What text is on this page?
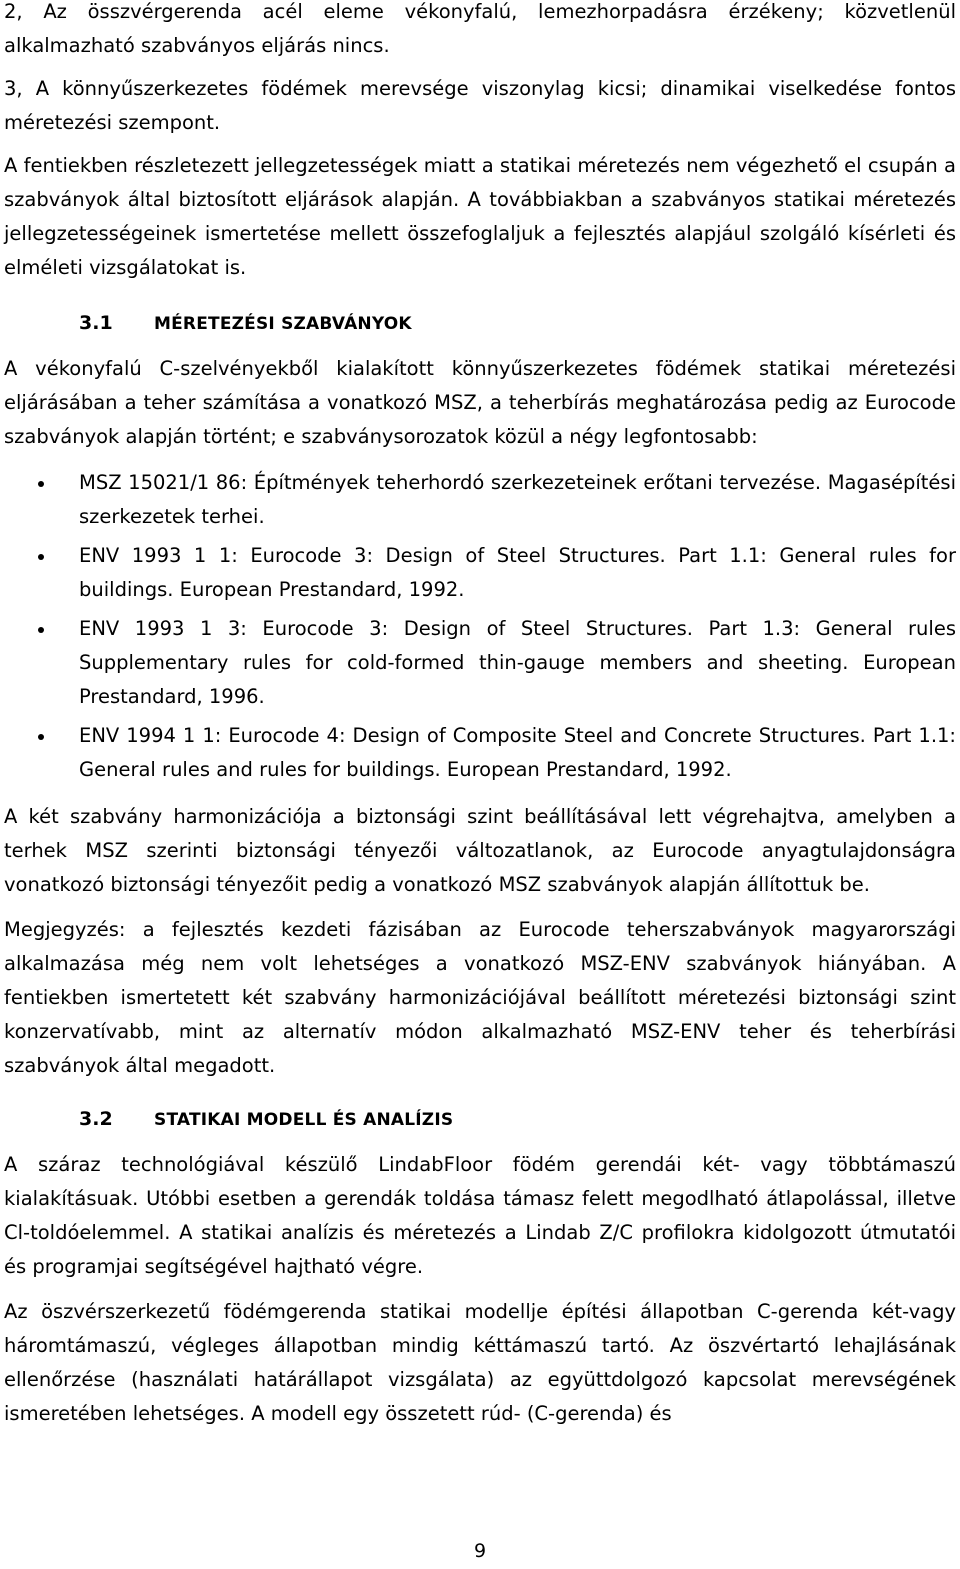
2, Az összvérgerenda acél eleme vékonyfalú, lemezhorpadásra érzékeny; közvetlenül alkalmazható szabványos eljárás nincs.

3, A könnyűszerkezetes födémek merevsége viszonylag kicsi; dinamikai viselkedése fontos méretezési szempont.

A fentiekben részletezett jellegzetességek miatt a statikai méretezés nem végezhető el csupán a szabványok által biztosított eljárások alapján. A továbbiakban a szabványos statikai méretezés jellegzetességeinek ismertetése mellett összefoglaljuk a fejlesztés alapjául szolgáló kísérleti és elméleti vizsgálatokat is.

3.1	MÉRETEZÉSI SZABVÁNYOK

A vékonyfalú C-szelvényekből kialakított könnyűszerkezetes födémek statikai méretezési eljárásában a teher számítása a vonatkozó MSZ, a teherbírás meghatározása pedig az Eurocode szabványok alapján történt; e szabványsorozatok közül a négy legfontosabb:

MSZ 15021/1 86: Építmények teherhordó szerkezeteinek erőtani tervezése. Magasépítési szerkezetek terhei.
ENV 1993 1 1: Eurocode 3: Design of Steel Structures. Part 1.1: General rules for buildings. European Prestandard, 1992.
ENV 1993 1 3: Eurocode 3: Design of Steel Structures. Part 1.3: General rules Supplementary rules for cold-formed thin-gauge members and sheeting. European Prestandard, 1996.
ENV 1994 1 1: Eurocode 4: Design of Composite Steel and Concrete Structures. Part 1.1: General rules and rules for buildings. European Prestandard, 1992.

A két szabvány harmonizációja a biztonsági szint beállításával lett végrehajtva, amelyben a terhek MSZ szerinti biztonsági tényezői változatlanok, az Eurocode anyagtulajdonságra vonatkozó biztonsági tényezőit pedig a vonatkozó MSZ szabványok alapján állítottuk be.

Megjegyzés: a fejlesztés kezdeti fázisában az Eurocode teherszabványok magyarországi alkalmazása még nem volt lehetséges a vonatkozó MSZ-ENV szabványok hiányában. A fentiekben ismertetett két szabvány harmonizációjával beállított méretezési biztonsági szint konzervatívabb, mint az alternatív módon alkalmazható MSZ-ENV teher és teherbírási szabványok által megadott.

3.2	STATIKAI MODELL ÉS ANALÍZIS

A száraz technológiával készülő LindabFloor födém gerendái két- vagy többtámaszú kialakításuak. Utóbbi esetben a gerendák toldása támasz felett megodlható átlapolással, illetve Cl-toldóelemmel. A statikai analízis és méretezés a Lindab Z/C profilokra kidolgozott útmutatói és programjai segítségével hajtható végre.

Az öszvérszerkezetű födémgerenda statikai modellje építési állapotban C-gerenda két-vagy háromtámaszú, végleges állapotban mindig kéttámaszú tartó. Az öszvértartó lehajlásának ellenőrzése (használati határállapot vizsgálata) az együttdolgozó kapcsolat merevségének ismeretében lehetséges. A modell egy összetett rúd- (C-gerenda) és

9
